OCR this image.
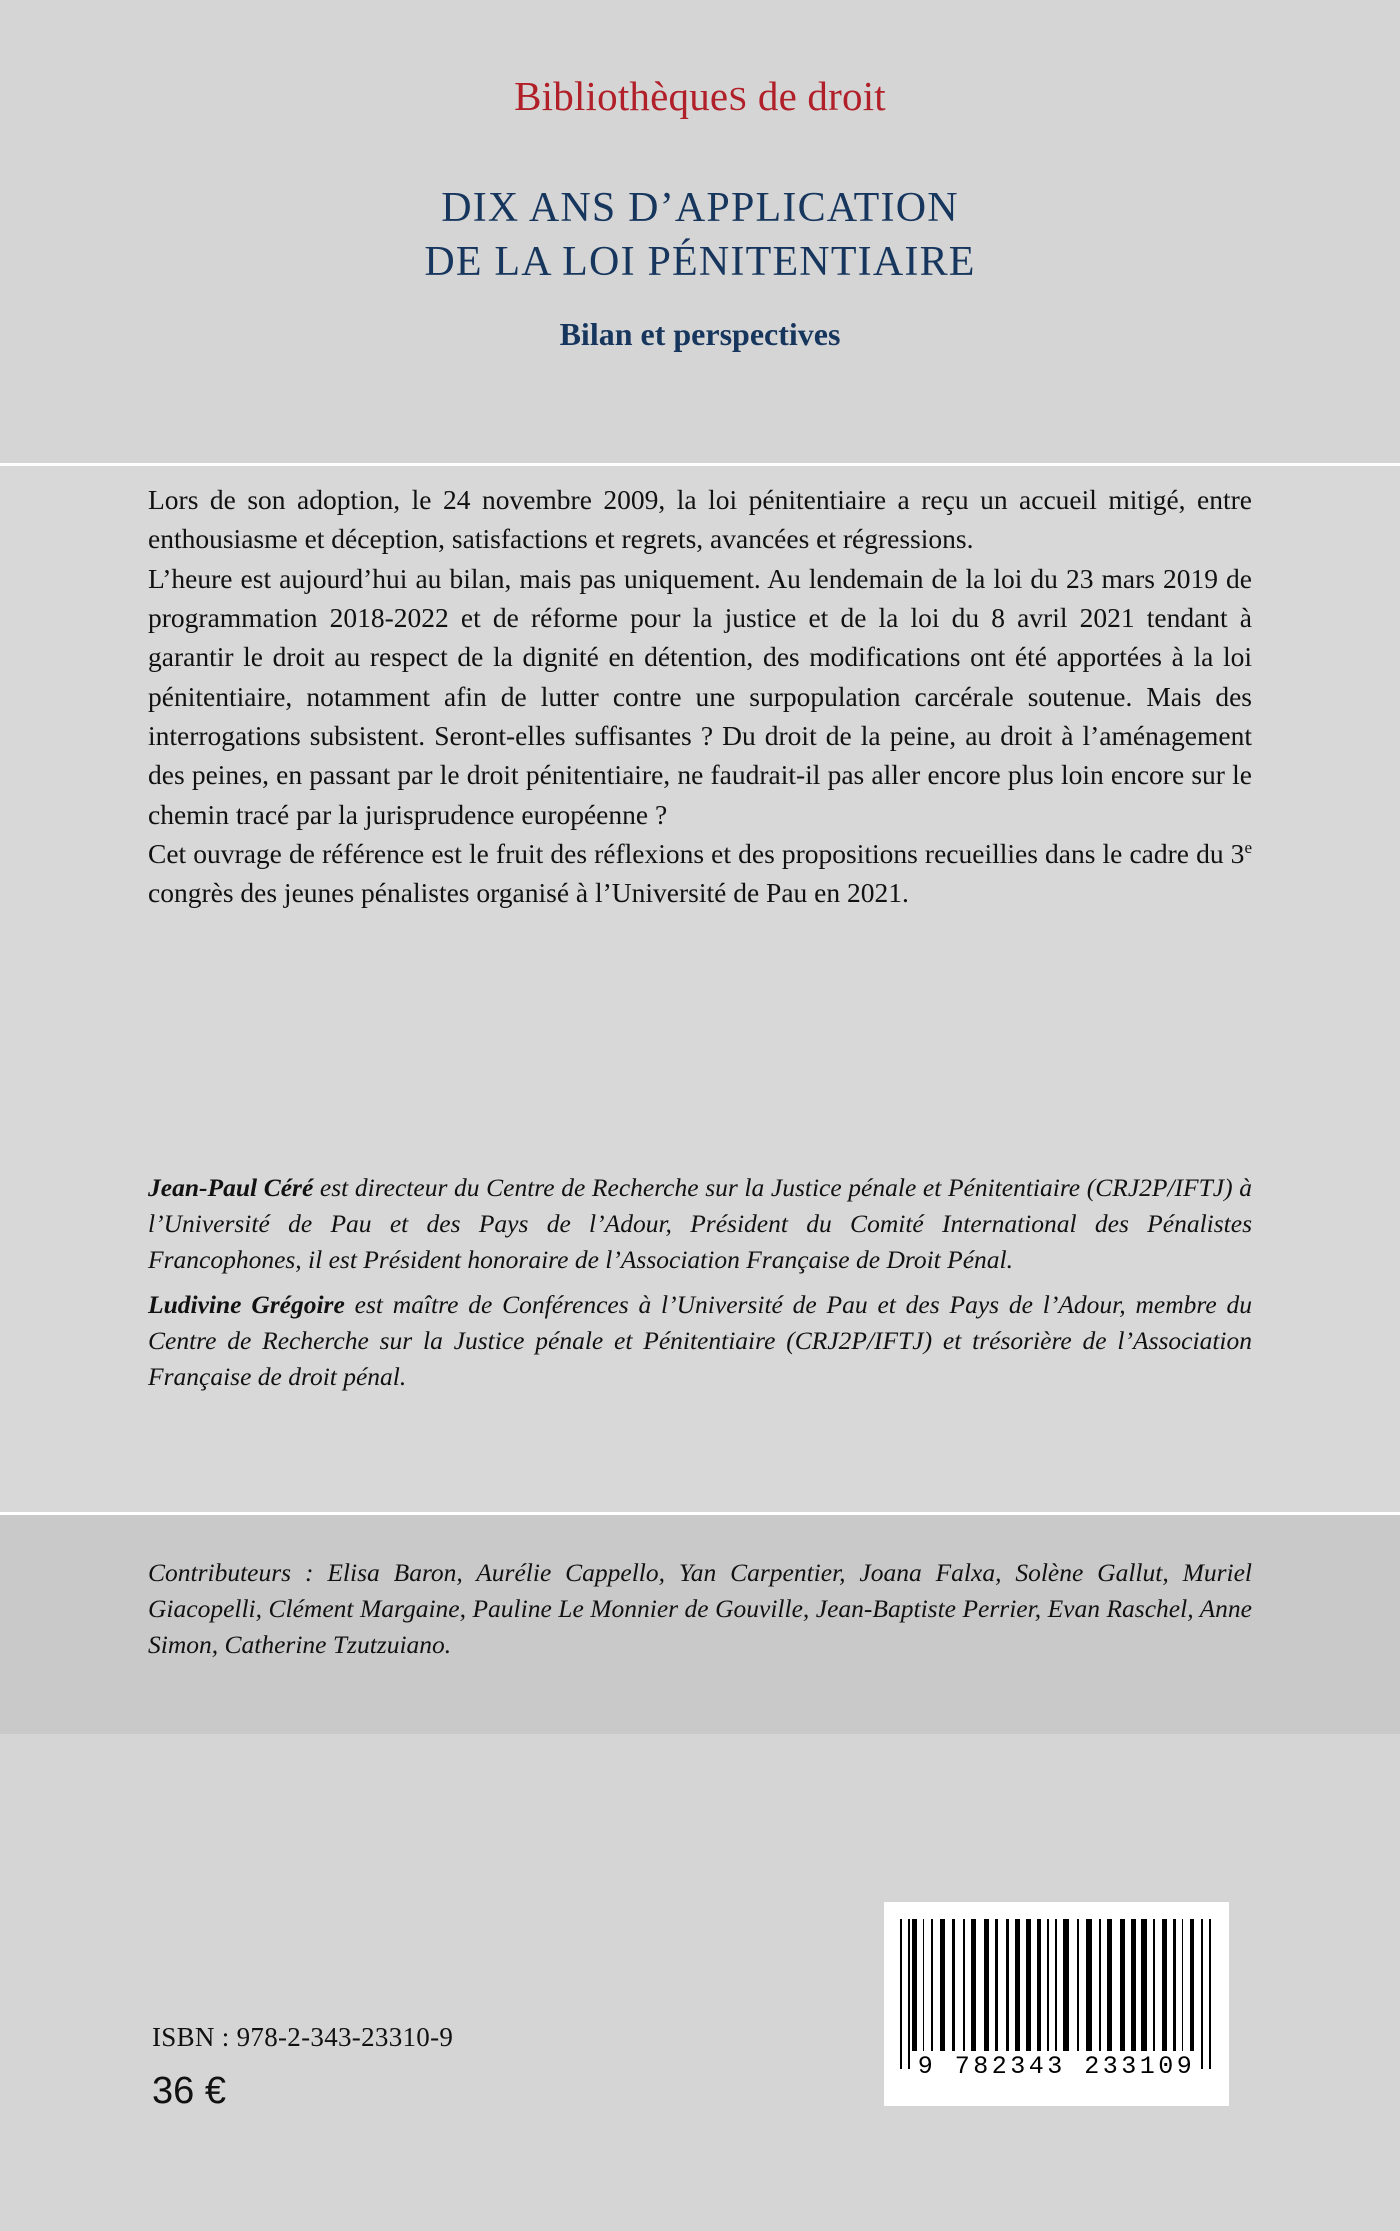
BibliothèqueS de droit
DIX ANS D’APPLICATION
DE LA LOI PÉNITENTIAIRE
Bilan et perspectives

Lors de son adoption, le 24 novembre 2009, la loi pénitentiaire a reçu un accueil mitigé, entre enthousiasme et déception, satisfactions et regrets, avancées et régressions.

L’heure est aujourd’hui au bilan, mais pas uniquement. Au lendemain de la loi du 23 mars 2019 de programmation 2018-2022 et de réforme pour la justice et de la loi du 8 avril 2021 tendant à garantir le droit au respect de la dignité en détention, des modifications ont été apportées à la loi pénitentiaire, notamment afin de lutter contre une surpopulation carcérale soutenue. Mais des interrogations subsistent. Seront-elles suffisantes ? Du droit de la peine, au droit à l’aménagement des peines, en passant par le droit pénitentiaire, ne faudrait-il pas aller encore plus loin encore sur le chemin tracé par la jurisprudence européenne ?

Cet ouvrage de référence est le fruit des réflexions et des propositions recueillies dans le cadre du 3e congrès des jeunes pénalistes organisé à l’Université de Pau en 2021.

Jean-Paul Céré est directeur du Centre de Recherche sur la Justice pénale et Pénitentiaire (CRJ2P/IFTJ) à l’Université de Pau et des Pays de l’Adour, Président du Comité International des Pénalistes Francophones, il est Président honoraire de l’Association Française de Droit Pénal.

Ludivine Grégoire est maître de Conférences à l’Université de Pau et des Pays de l’Adour, membre du Centre de Recherche sur la Justice pénale et Pénitentiaire (CRJ2P/IFTJ) et trésorière de l’Association Française de droit pénal.

Contributeurs : Elisa Baron, Aurélie Cappello, Yan Carpentier, Joana Falxa, Solène Gallut, Muriel Giacopelli, Clément Margaine, Pauline Le Monnier de Gouville, Jean-Baptiste Perrier, Evan Raschel, Anne Simon, Catherine Tzutzuiano.
ISBN : 978-2-343-23310-9
36 €
9 782343 233109
